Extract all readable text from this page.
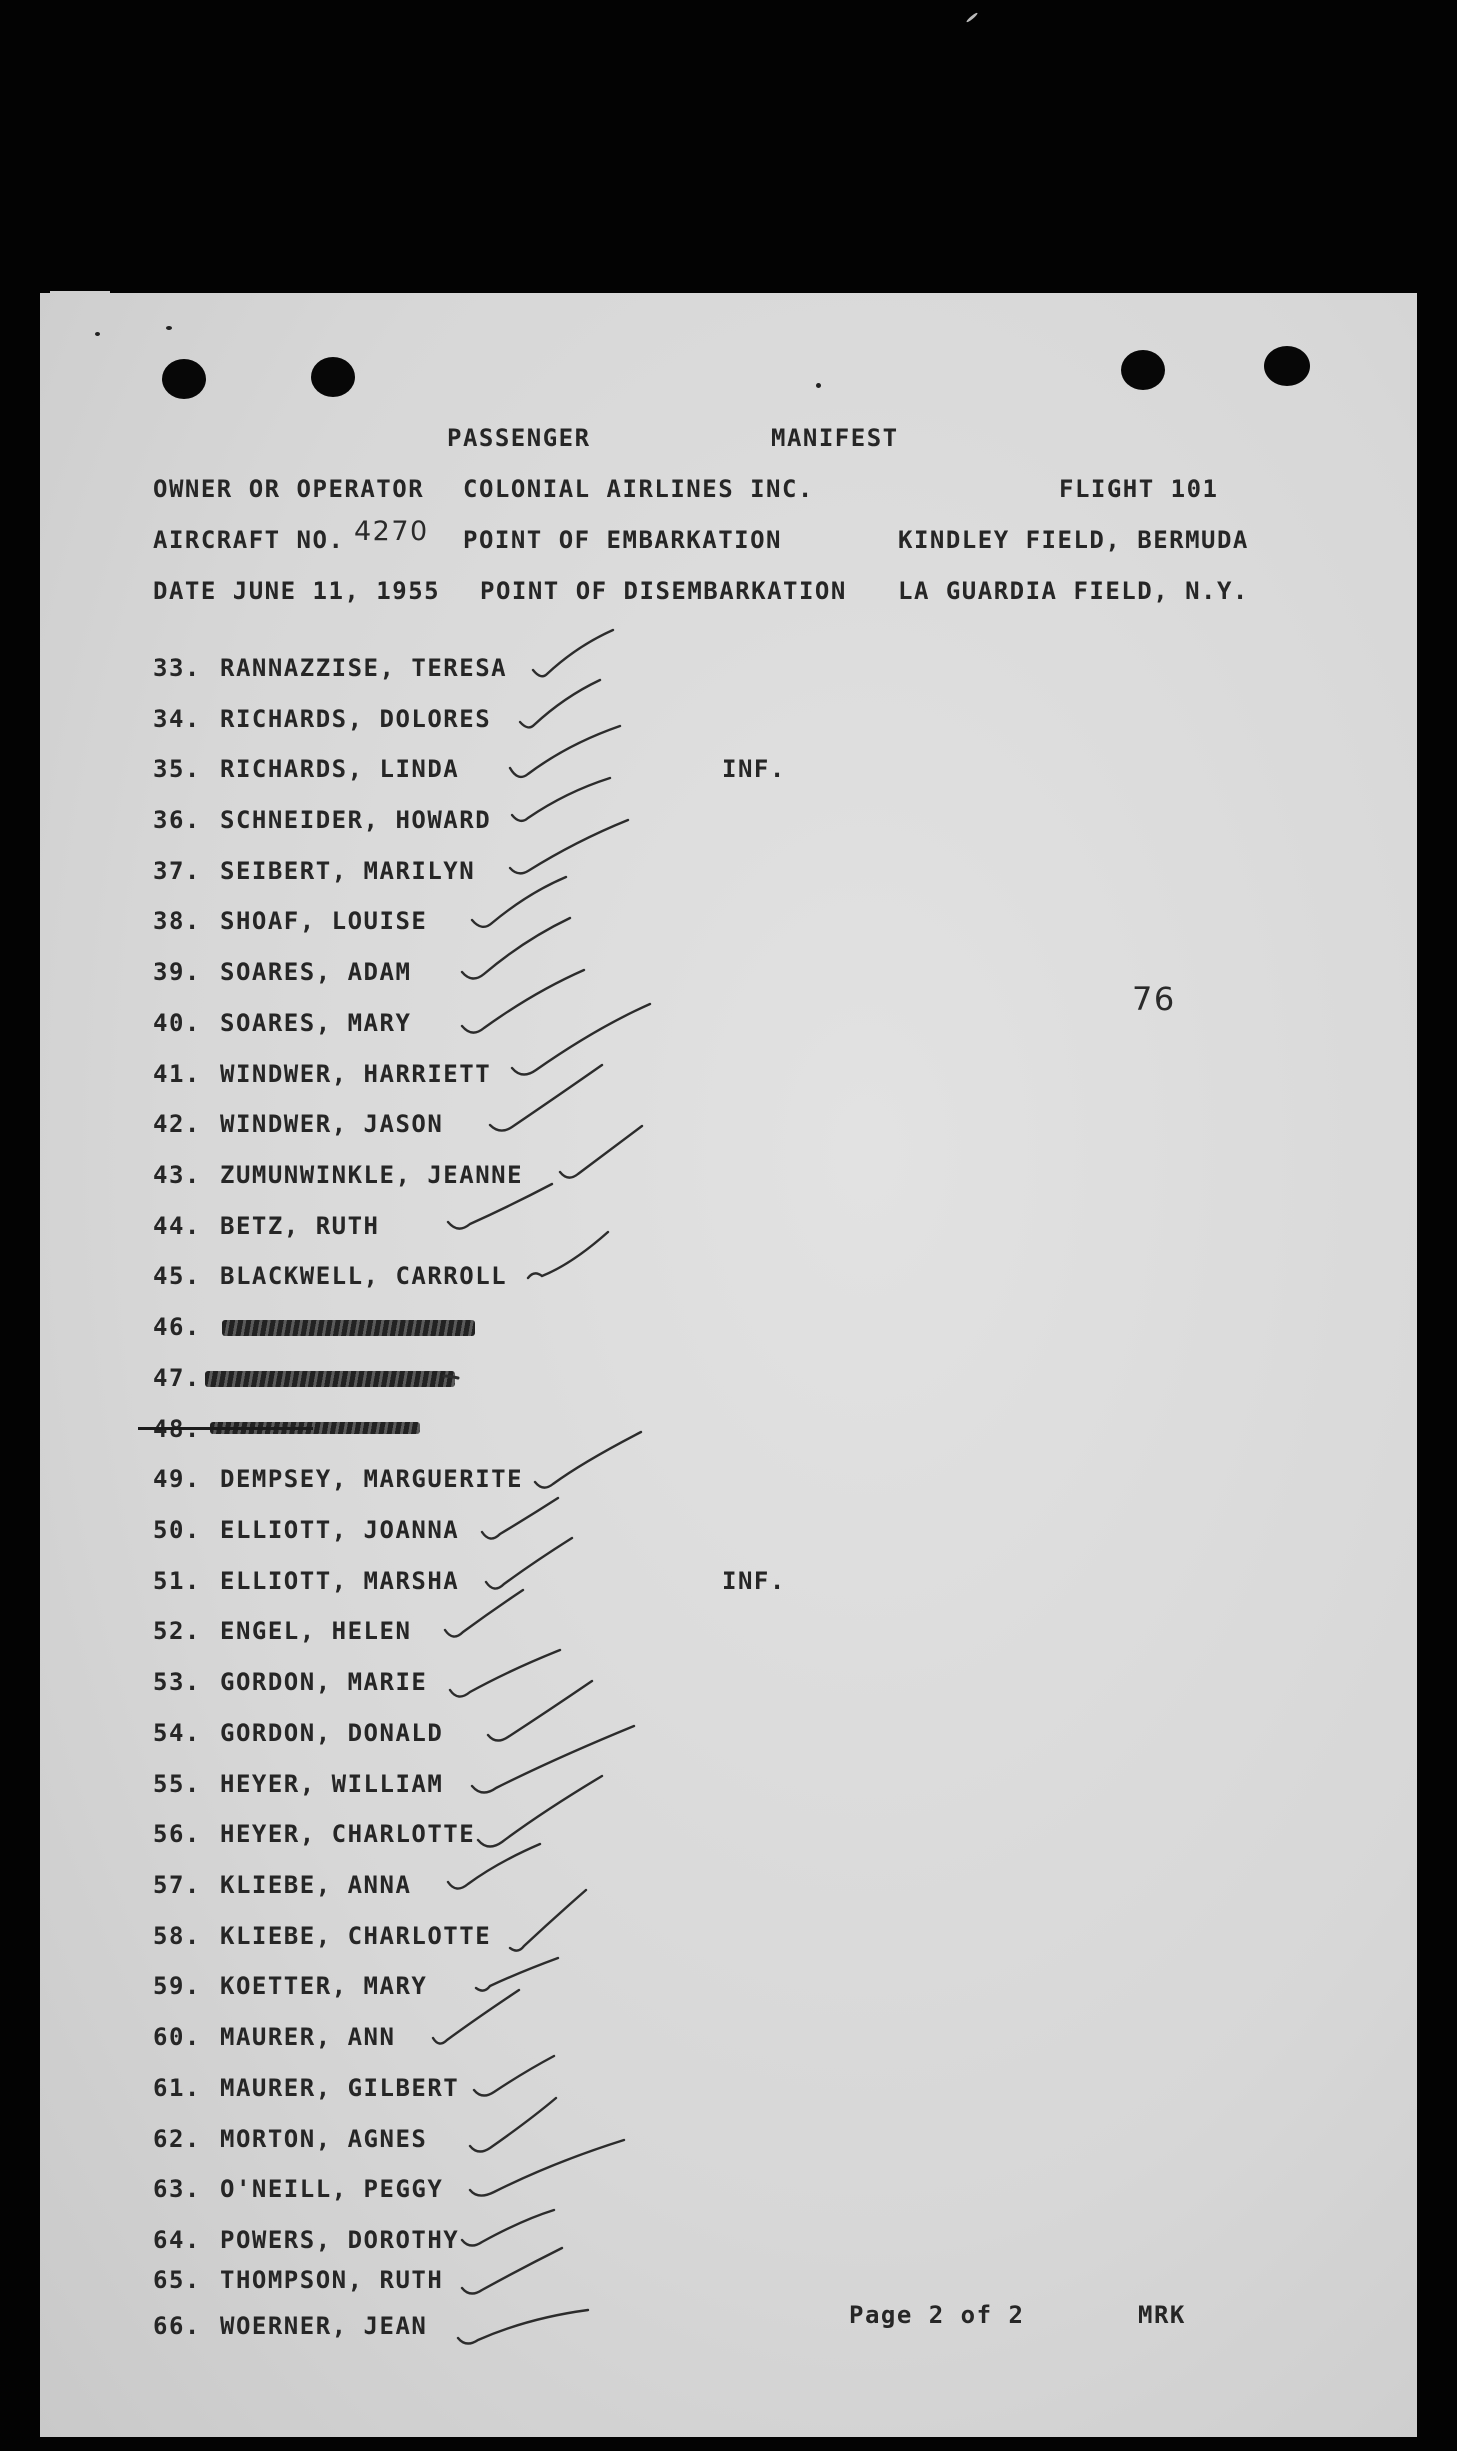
PASSENGER	MANIFEST
OWNER OR OPERATOR COLONIAL AIRLINES INC.	FLIGHT 101
AIRCRAFT NO. 4270 POINT OF EMBARKATION	KINDLEY FIELD, BERMUDA
DATE JUNE 11, 1955 POINT OF DISEMBARKATION LA GUARDIA FIELD, N.Y.
76
33. RANNAZZISE, TERESA
34. RICHARDS, DOLORES
35. RICHARDS, LINDA	INF.
36. SCHNEIDER, HOWARD
37. SEIBERT, MARILYN
38. SHOAF, LOUISE
39. SOARES, ADAM
40. SOARES, MARY
41. WINDWER, HARRIETT
42. WINDWER, JASON
43. ZUMUNWINKLE, JEANNE
44. BETZ, RUTH
45. BLACKWELL, CARROLL
46.
47.
48.
49. DEMPSEY, MARGUERITE
50. ELLIOTT, JOANNA
51. ELLIOTT, MARSHA	INF.
52. ENGEL, HELEN
53. GORDON, MARIE
54. GORDON, DONALD
55. HEYER, WILLIAM
56. HEYER, CHARLOTTE
57. KLIEBE, ANNA
58. KLIEBE, CHARLOTTE
59. KOETTER, MARY
60. MAURER, ANN
61. MAURER, GILBERT
62. MORTON, AGNES
63. O'NEILL, PEGGY
64. POWERS, DOROTHY
65. THOMPSON, RUTH
66. WOERNER, JEAN	Page 2 of 2	MRK
